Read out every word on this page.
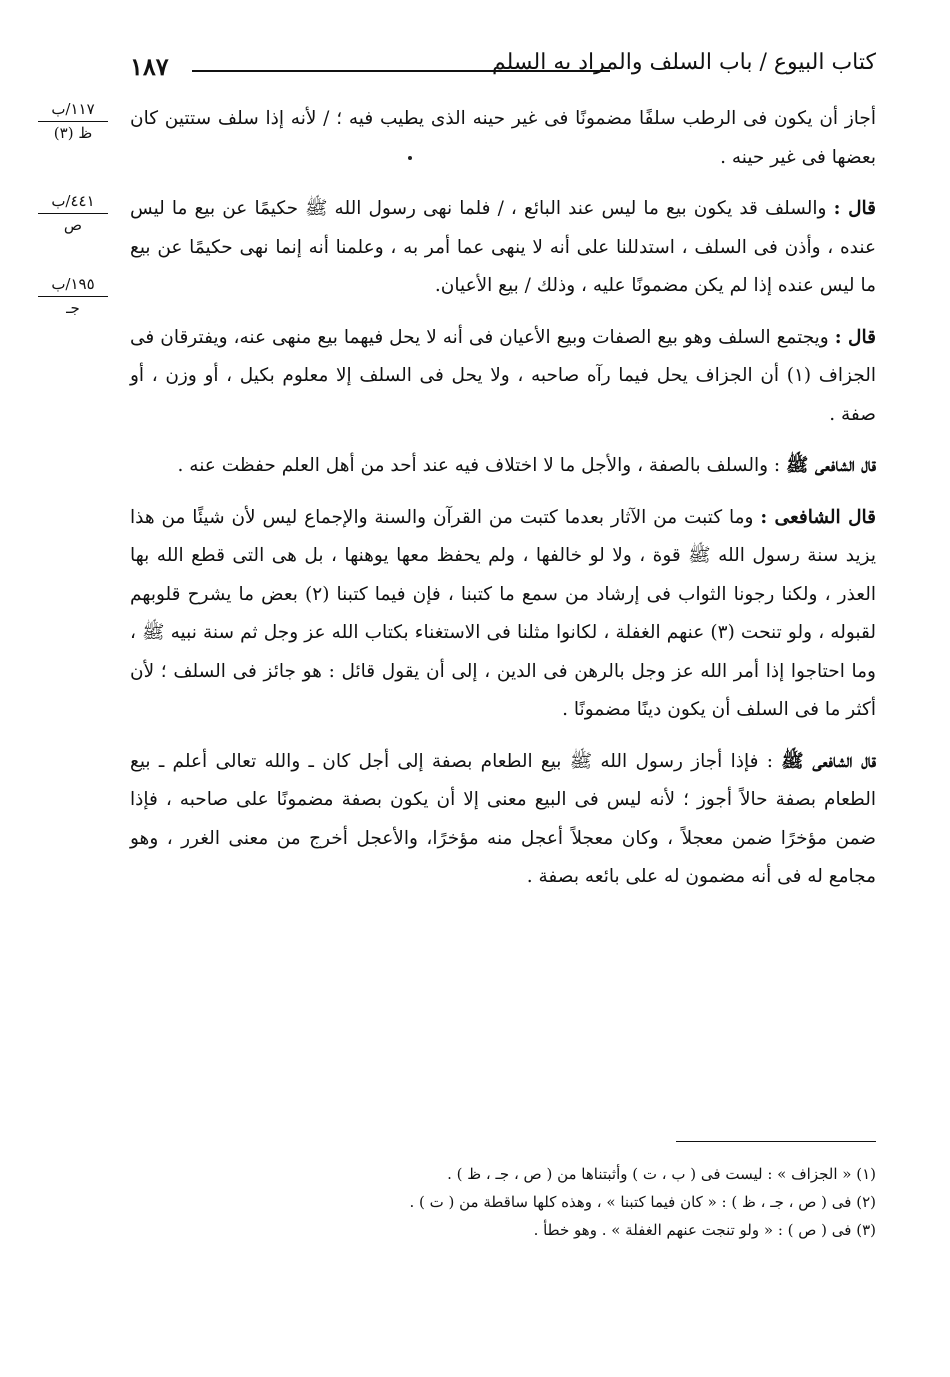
١٨٧	كتاب البيوع / باب السلف والمراد به السلم
١١٧/ب
ظ (٣)
٤٤١/ب
ص
١٩٥/ب
جـ

أجاز أن يكون فى الرطب سلفًا مضمونًا فى غير حينه الذى يطيب فيه ؛ / لأنه إذا سلف ستتين كان بعضها فى غير حينه .

قال : والسلف قد يكون بيع ما ليس عند البائع ، / فلما نهى رسول الله ﷺ حكيمًا عن بيع ما ليس عنده ، وأذن فى السلف ، استدللنا على أنه لا ينهى عما أمر به ، وعلمنا أنه إنما نهى حكيمًا عن بيع ما ليس عنده إذا لم يكن مضمونًا عليه ، وذلك / بيع الأعيان.

قال : ويجتمع السلف وهو بيع الصفات وبيع الأعيان فى أنه لا يحل فيهما بيع منهى عنه، ويفترقان فى الجزاف (١) أن الجزاف يحل فيما رآه صاحبه ، ولا يحل فى السلف إلا معلوم بكيل ، أو وزن ، أو صفة .

قال الشافعى ﷺ : والسلف بالصفة ، والأجل ما لا اختلاف فيه عند أحد من أهل العلم حفظت عنه .

قال الشافعى : وما كتبت من الآثار بعدما كتبت من القرآن والسنة والإجماع ليس لأن شيئًا من هذا يزيد سنة رسول الله ﷺ قوة ، ولا لو خالفها ، ولم يحفظ معها يوهنها ، بل هى التى قطع الله بها العذر ، ولكنا رجونا الثواب فى إرشاد من سمع ما كتبنا ، فإن فيما كتبنا (٢) بعض ما يشرح قلوبهم لقبوله ، ولو تنحت (٣) عنهم الغفلة ، لكانوا مثلنا فى الاستغناء بكتاب الله عز وجل ثم سنة نبيه ﷺ ، وما احتاجوا إذا أمر الله عز وجل بالرهن فى الدين ، إلى أن يقول قائل : هو جائز فى السلف ؛ لأن أكثر ما فى السلف أن يكون دينًا مضمونًا .

قال الشافعى ﷺ : فإذا أجاز رسول الله ﷺ بيع الطعام بصفة إلى أجل كان ـ والله تعالى أعلم ـ بيع الطعام بصفة حالاً أجوز ؛ لأنه ليس فى البيع معنى إلا أن يكون بصفة مضمونًا على صاحبه ، فإذا ضمن مؤخرًا ضمن معجلاً ، وكان معجلاً أعجل منه مؤخرًا، والأعجل أخرج من معنى الغرر ، وهو مجامع له فى أنه مضمون له على بائعه بصفة .

(١) « الجزاف » : ليست فى ( ب ، ت ) وأثبتناها من ( ص ، جـ ، ظ ) .

(٢) فى ( ص ، جـ ، ظ ) : « كان فيما كتبنا » ، وهذه كلها ساقطة من ( ت ) .

(٣) فى ( ص ) : « ولو تنجت عنهم الغفلة » . وهو خطأ .
